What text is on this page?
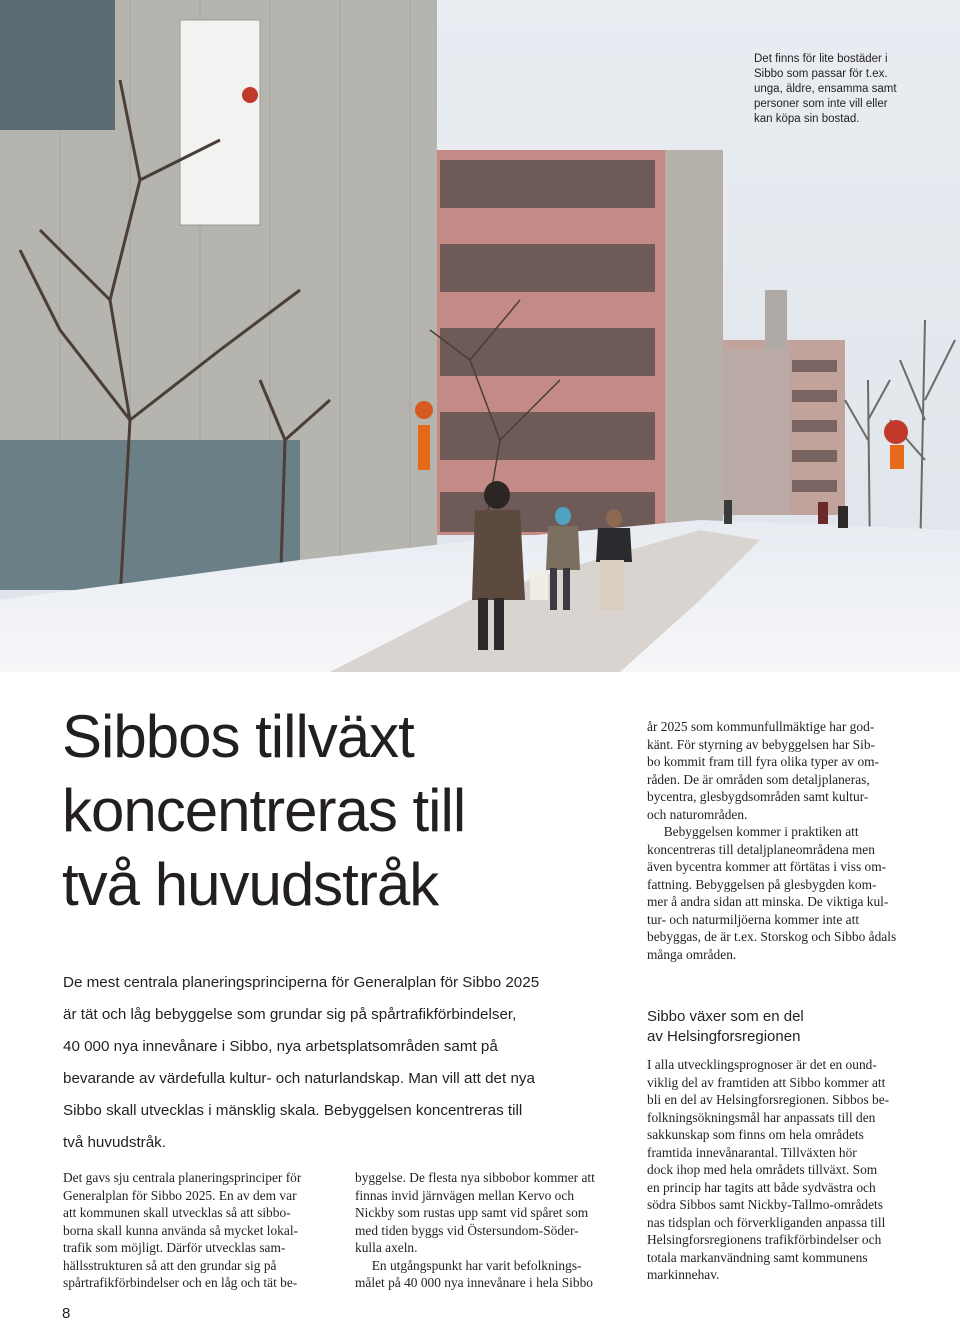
Det finns för lite bostäder i
Sibbo som passar för t.ex.
unga, äldre, ensamma samt
personer som inte vill eller
kan köpa sin bostad.
Sibbos tillväxt
koncentreras till
två huvudstråk
De mest centrala planeringsprinciperna för Generalplan för Sibbo 2025
är tät och låg bebyggelse som grundar sig på spårtrafikförbindelser,
40 000 nya innevånare i Sibbo, nya arbetsplatsområden samt på
bevarande av värdefulla kultur- och naturlandskap. Man vill att det nya
Sibbo skall utvecklas i mänsklig skala. Bebyggelsen koncentreras till
två huvudstråk.
Det gavs sju centrala planeringsprinciper för
Generalplan för Sibbo 2025. En av dem var
att kommunen skall utvecklas så att sibbo-
borna skall kunna använda så mycket lokal-
trafik som möjligt. Därför utvecklas sam-
hällsstrukturen så att den grundar sig på
spårtrafikförbindelser och en låg och tät be-
byggelse. De flesta nya sibbobor kommer att
finnas invid järnvägen mellan Kervo och
Nickby som rustas upp samt vid spåret som
med tiden byggs vid Östersundom-Söder-
kulla axeln.
En utgångspunkt har varit befolknings-
målet på 40 000 nya innevånare i hela Sibbo
år 2025 som kommunfullmäktige har god-
känt. För styrning av bebyggelsen har Sib-
bo kommit fram till fyra olika typer av om-
råden. De är områden som detaljplaneras,
bycentra, glesbygdsområden samt kultur-
och naturområden.
Bebyggelsen kommer i praktiken att
koncentreras till detaljplaneområdena men
även bycentra kommer att förtätas i viss om-
fattning. Bebyggelsen på glesbygden kom-
mer å andra sidan att minska. De viktiga kul-
tur- och naturmiljöerna kommer inte att
bebyggas, de är t.ex. Storskog och Sibbo ådals
många områden.
Sibbo växer som en del
av Helsingforsregionen
I alla utvecklingsprognoser är det en ound-
viklig del av framtiden att Sibbo kommer att
bli en del av Helsingforsregionen. Sibbos be-
folkningsökningsmål har anpassats till den
sakkunskap som finns om hela områdets
framtida innevånarantal. Tillväxten hör
dock ihop med hela områdets tillväxt. Som
en princip har tagits att både sydvästra och
södra Sibbos samt Nickby-Tallmo-områdets
nas tidsplan och förverkliganden anpassa till
Helsingforsregionens trafikförbindelser och
totala markanvändning samt kommunens
markinnehav.
8
